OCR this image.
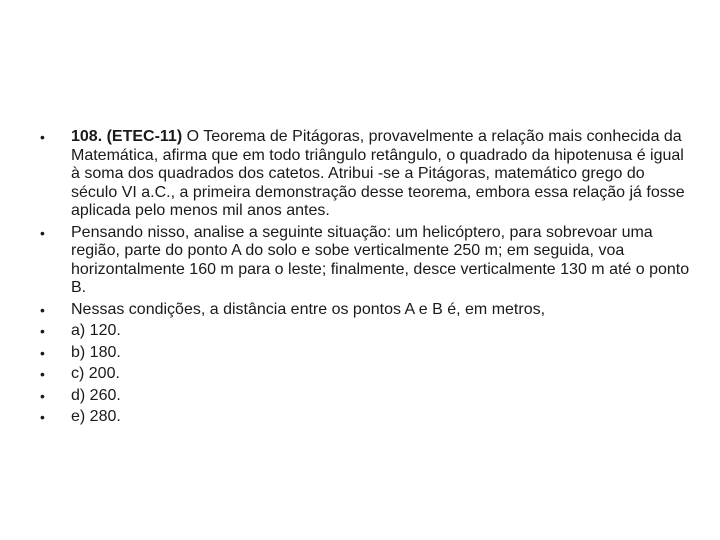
• 108. (ETEC-11) O Teorema de Pitágoras, provavelmente a relação mais conhecida da Matemática, afirma que em todo triângulo retângulo, o quadrado da hipotenusa é igual à soma dos quadrados dos catetos. Atribui -se a Pitágoras, matemático grego do século VI a.C., a primeira demonstração desse teorema, embora essa relação já fosse aplicada pelo menos mil anos antes.
• Pensando nisso, analise a seguinte situação: um helicóptero, para sobrevoar uma região, parte do ponto A do solo e sobe verticalmente 250 m; em seguida, voa horizontalmente 160 m para o leste; finalmente, desce verticalmente 130 m até o ponto B.
• Nessas condições, a distância entre os pontos A e B é, em metros,
• a) 120.
• b) 180.
• c) 200.
• d) 260.
• e) 280.
